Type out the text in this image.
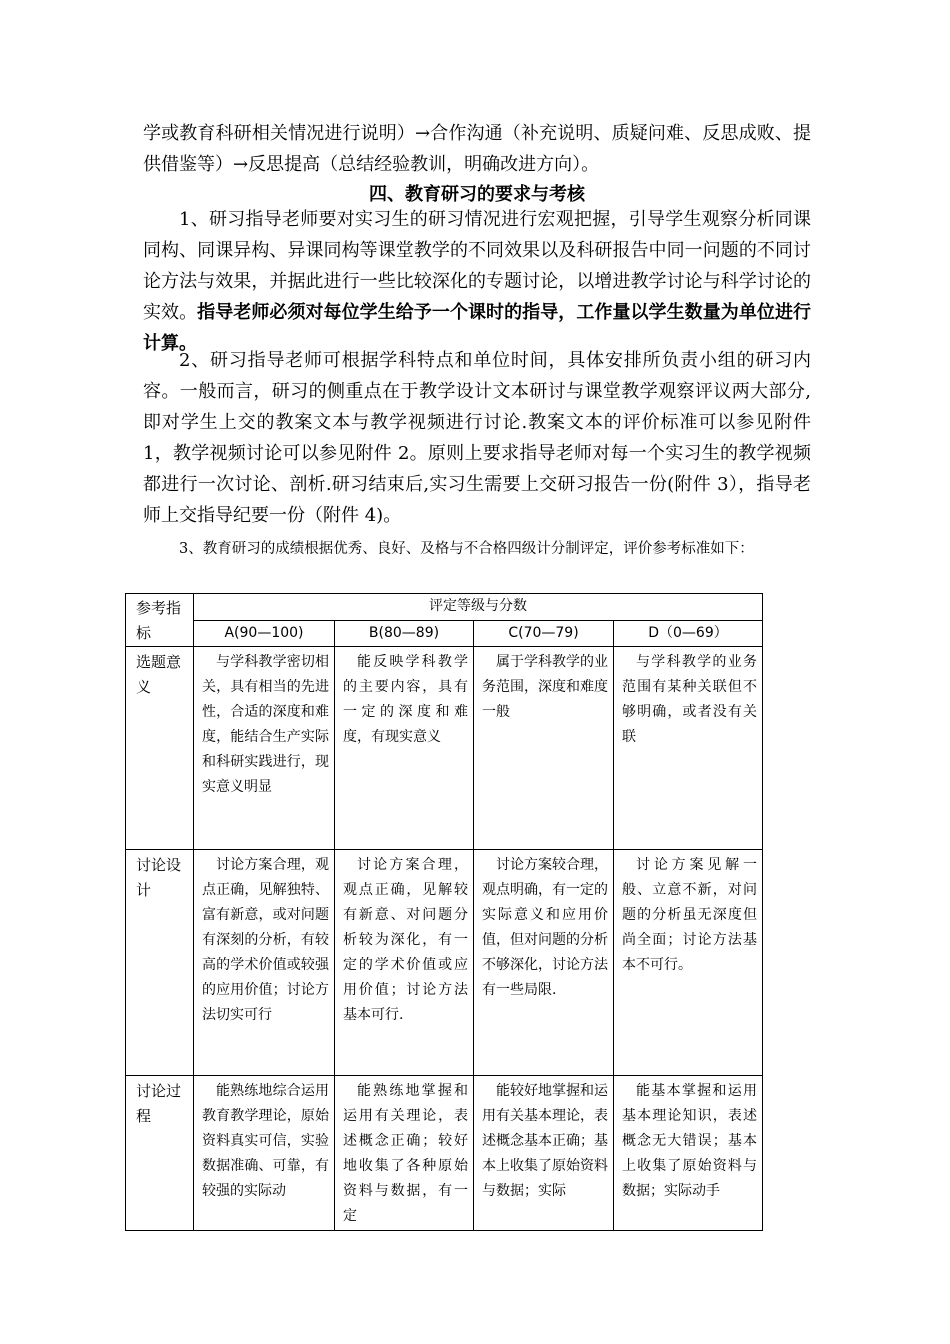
学或教育科研相关情况进行说明）→合作沟通（补充说明、质疑问难、反思成败、提供借鉴等）→反思提高（总结经验教训，明确改进方向）。

四、教育研习的要求与考核

1、研习指导老师要对实习生的研习情况进行宏观把握，引导学生观察分析同课同构、同课异构、异课同构等课堂教学的不同效果以及科研报告中同一问题的不同讨论方法与效果，并据此进行一些比较深化的专题讨论，以增进教学讨论与科学讨论的实效。指导老师必须对每位学生给予一个课时的指导，工作量以学生数量为单位进行计算。

2、研习指导老师可根据学科特点和单位时间，具体安排所负责小组的研习内容。一般而言，研习的侧重点在于教学设计文本研讨与课堂教学观察评议两大部分,即对学生上交的教案文本与教学视频进行讨论.教案文本的评价标准可以参见附件 1，教学视频讨论可以参见附件 2。原则上要求指导老师对每一个实习生的教学视频都进行一次讨论、剖析.研习结束后,实习生需要上交研习报告一份(附件 3），指导老师上交指导纪要一份（附件 4)。

3、教育研习的成绩根据优秀、良好、及格与不合格四级计分制评定，评价参考标准如下：

参考指标	评定等级与分数			
	A(90—100)	B(80—89)	C(70—79)	D（0—69）
选题意义	与学科教学密切相关，具有相当的先进性，合适的深度和难度，能结合生产实际和科研实践进行，现实意义明显	能反映学科教学的主要内容，具有一定的深度和难度，有现实意义	属于学科教学的业务范围，深度和难度一般	与学科教学的业务范围有某种关联但不够明确，或者没有关联
讨论设计	讨论方案合理，观点正确，见解独特、富有新意，或对问题有深刻的分析，有较高的学术价值或较强的应用价值；讨论方法切实可行	讨论方案合理，观点正确，见解较有新意、对问题分析较为深化，有一定的学术价值或应用价值；讨论方法基本可行.	讨论方案较合理，观点明确，有一定的实际意义和应用价值，但对问题的分析不够深化，讨论方法有一些局限.	讨论方案见解一般、立意不新，对问题的分析虽无深度但尚全面；讨论方法基本不可行。
讨论过程	能熟练地综合运用教育教学理论，原始资料真实可信，实验数据准确、可靠，有较强的实际动	能熟练地掌握和运用有关理论，表述概念正确；较好地收集了各种原始资料与数据，有一定	能较好地掌握和运用有关基本理论，表述概念基本正确；基本上收集了原始资料与数据；实际	能基本掌握和运用基本理论知识，表述概念无大错误；基本上收集了原始资料与数据；实际动手
